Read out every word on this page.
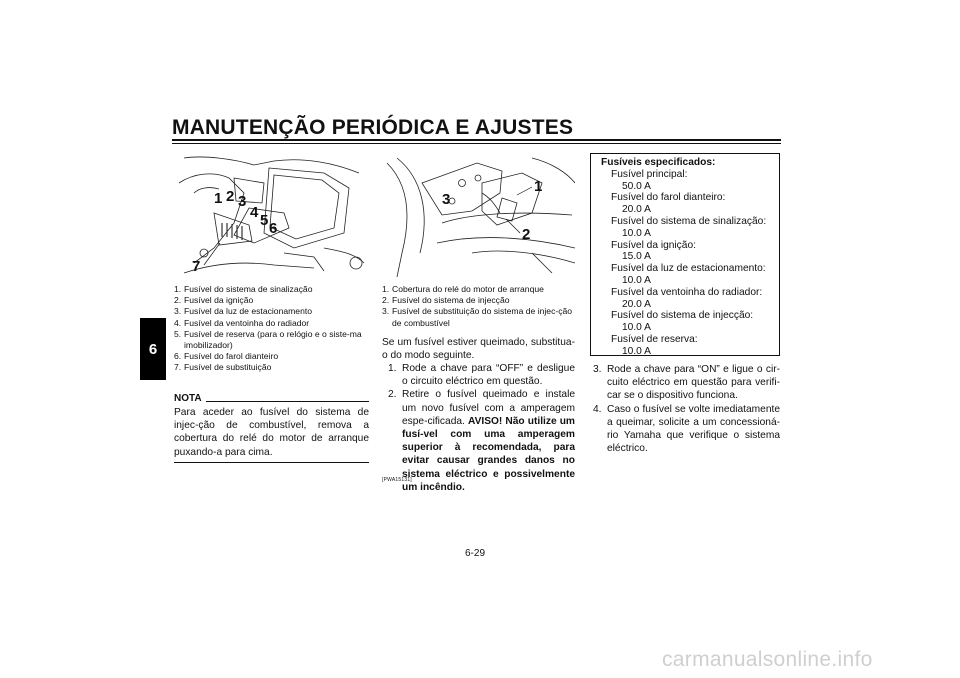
MANUTENÇÃO PERIÓDICA E AJUSTES
6
1 2 3
4 5 6
7
1. Fusível do sistema de sinalização
2. Fusível da ignição
3. Fusível da luz de estacionamento
4. Fusível da ventoinha do radiador
5. Fusível de reserva (para o relógio e o siste-ma imobilizador)
6. Fusível do farol dianteiro
7. Fusível de substituição
NOTA
Para aceder ao fusível do sistema de injec-ção de combustível, remova a cobertura do relé do motor de arranque puxando-a para cima.
1
2
3
1. Cobertura do relé do motor de arranque
2. Fusível do sistema de injecção
3. Fusível de substituição do sistema de injec-ção de combustível
Se um fusível estiver queimado, substitua-o do modo seguinte.
1. Rode a chave para “OFF” e desligue o circuito eléctrico em questão.
2. Retire o fusível queimado e instale um novo fusível com a amperagem espe-cificada. AVISO! Não utilize um fusí-vel com uma amperagem superior à recomendada, para evitar causar grandes danos no sistema eléctrico e possivelmente um incêndio.
[PWA15131]
Fusíveis especificados:
Fusível principal:
50.0 A
Fusível do farol dianteiro:
20.0 A
Fusível do sistema de sinalização:
10.0 A
Fusível da ignição:
15.0 A
Fusível da luz de estacionamento:
10.0 A
Fusível da ventoinha do radiador:
20.0 A
Fusível do sistema de injecção:
10.0 A
Fusível de reserva:
10.0 A
3. Rode a chave para “ON” e ligue o cir-cuito eléctrico em questão para verifi-car se o dispositivo funciona.
4. Caso o fusível se volte imediatamente a queimar, solicite a um concessioná-rio Yamaha que verifique o sistema eléctrico.
6-29
carmanualsonline.info
